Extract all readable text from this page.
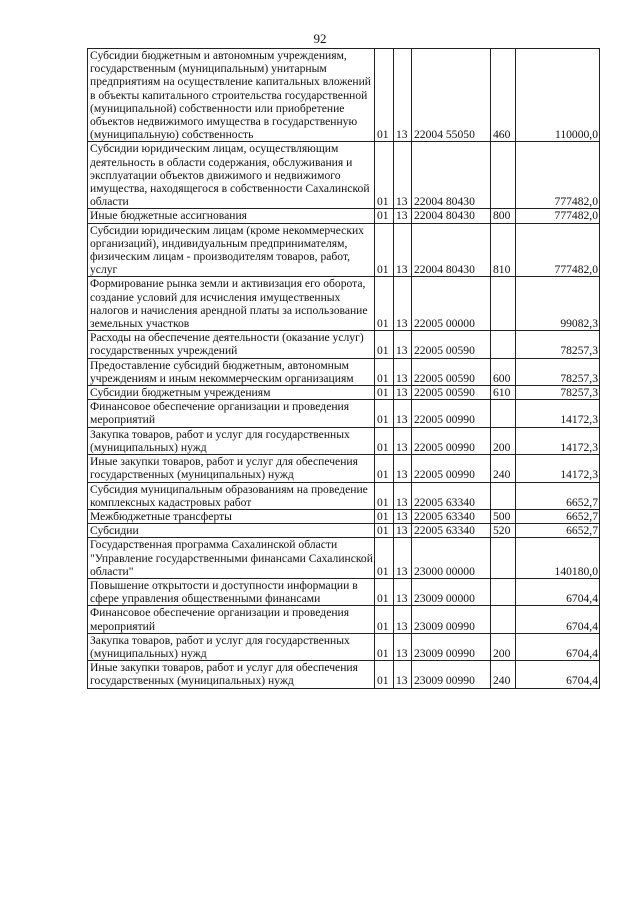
92
Субсидии бюджетным и автономным учреждениям, государственным (муниципальным) унитарным предприятиям на осуществление капитальных вложений в объекты капитального строительства государственной (муниципальной) собственности или приобретение объектов недвижимого имущества в государственную (муниципальную) собственность	01	13	22004 55050	460	110000,0
Субсидии юридическим лицам, осуществляющим деятельность в области содержания, обслуживания и эксплуатации объектов движимого и недвижимого имущества, находящегося в собственности Сахалинской области	01	13	22004 80430		777482,0
Иные бюджетные ассигнования	01	13	22004 80430	800	777482,0
Субсидии юридическим лицам (кроме некоммерческих организаций), индивидуальным предпринимателям, физическим лицам - производителям товаров, работ, услуг	01	13	22004 80430	810	777482,0
Формирование рынка земли и активизация его оборота, создание условий для исчисления имущественных налогов и начисления арендной платы за использование земельных участков	01	13	22005 00000		99082,3
Расходы на обеспечение деятельности (оказание услуг) государственных учреждений	01	13	22005 00590		78257,3
Предоставление субсидий бюджетным, автономным учреждениям и иным некоммерческим организациям	01	13	22005 00590	600	78257,3
Субсидии бюджетным учреждениям	01	13	22005 00590	610	78257,3
Финансовое обеспечение организации и проведения мероприятий	01	13	22005 00990		14172,3
Закупка товаров, работ и услуг для государственных (муниципальных) нужд	01	13	22005 00990	200	14172,3
Иные закупки товаров, работ и услуг для обеспечения государственных (муниципальных) нужд	01	13	22005 00990	240	14172,3
Субсидия муниципальным образованиям на проведение комплексных кадастровых работ	01	13	22005 63340		6652,7
Межбюджетные трансферты	01	13	22005 63340	500	6652,7
Субсидии	01	13	22005 63340	520	6652,7
Государственная программа Сахалинской области "Управление государственными финансами Сахалинской области"	01	13	23000 00000		140180,0
Повышение открытости и доступности информации в сфере управления общественными финансами	01	13	23009 00000		6704,4
Финансовое обеспечение организации и проведения мероприятий	01	13	23009 00990		6704,4
Закупка товаров, работ и услуг для государственных (муниципальных) нужд	01	13	23009 00990	200	6704,4
Иные закупки товаров, работ и услуг для обеспечения государственных (муниципальных) нужд	01	13	23009 00990	240	6704,4
